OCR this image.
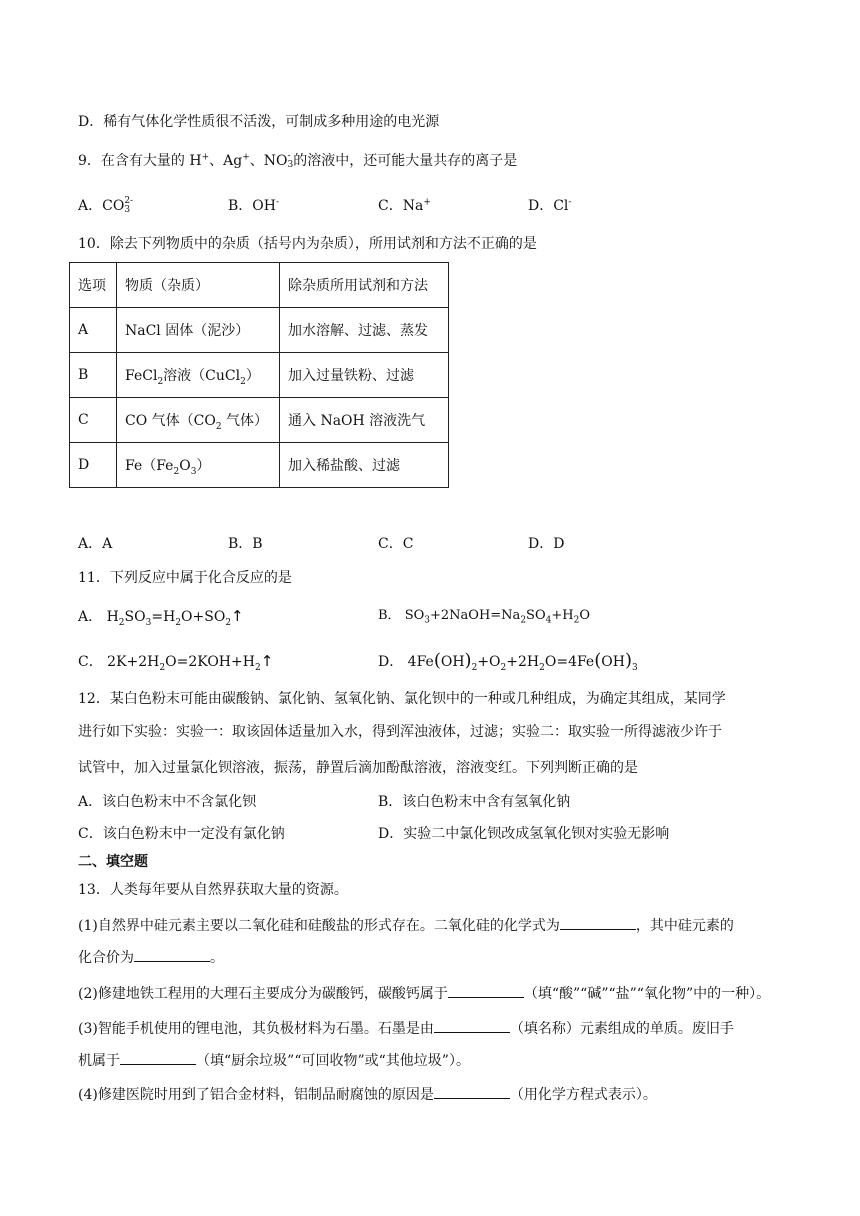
D．稀有气体化学性质很不活泼，可制成多种用途的电光源
9．在含有大量的 H+、Ag+、NO -
3 的溶液中，还可能大量共存的离子是
A．CO 2-
3	B．OH-	C．Na+	D．Cl-
10．除去下列物质中的杂质（括号内为杂质），所用试剂和方法不正确的是
选项	物质（杂质）	除杂质所用试剂和方法
A	NaCl 固体（泥沙）	加水溶解、过滤、蒸发
B	FeCl$_2$溶液（CuCl$_2$）	加入过量铁粉、过滤
C	CO 气体（$CO_2$ 气体）	通入 NaOH 溶液洗气
D	$Fe(Fe_2O_3)$	加入稀盐酸、过滤
A．A	B．B	C．C	D．D
11．下列反应中属于化合反应的是
A． $H_2SO_3=H_2O+SO_2↑$	B． $SO_3+2NaOH=Na_2SO_4+H_2O$
C． $2K+2H_2O=2KOH+H_2↑$	D． $4Fe(OH)_2+O_2+2H_2O=4Fe(OH)_3$
12．某白色粉末可能由碳酸钠、氯化钠、氢氧化钠、氯化钡中的一种或几种组成，为确定其组成，某同学
进行如下实验：实验一：取该固体适量加入水，得到浑浊液体，过滤；实验二：取实验一所得滤液少许于
试管中，加入过量氯化钡溶液，振荡，静置后滴加酚酞溶液，溶液变红。下列判断正确的是
A．该白色粉末中不含氯化钡	B．该白色粉末中含有氢氧化钠
C．该白色粉末中一定没有氯化钠	D．实验二中氯化钡改成氢氧化钡对实验无影响
二、填空题
13．人类每年要从自然界获取大量的资源。
(1)自然界中硅元素主要以二氧化硅和硅酸盐的形式存在。二氧化硅的化学式为	，其中硅元素的
化合价为	。
(2)修建地铁工程用的大理石主要成分为碳酸钙，碳酸钙属于	（填“酸”“碱”“盐”“氧化物”中的一种）。
(3)智能手机使用的锂电池，其负极材料为石墨。石墨是由	（填名称）元素组成的单质。废旧手
机属于	（填“厨余垃圾”“可回收物”或“其他垃圾”）。
(4)修建医院时用到了铝合金材料，铝制品耐腐蚀的原因是	（用化学方程式表示）。
